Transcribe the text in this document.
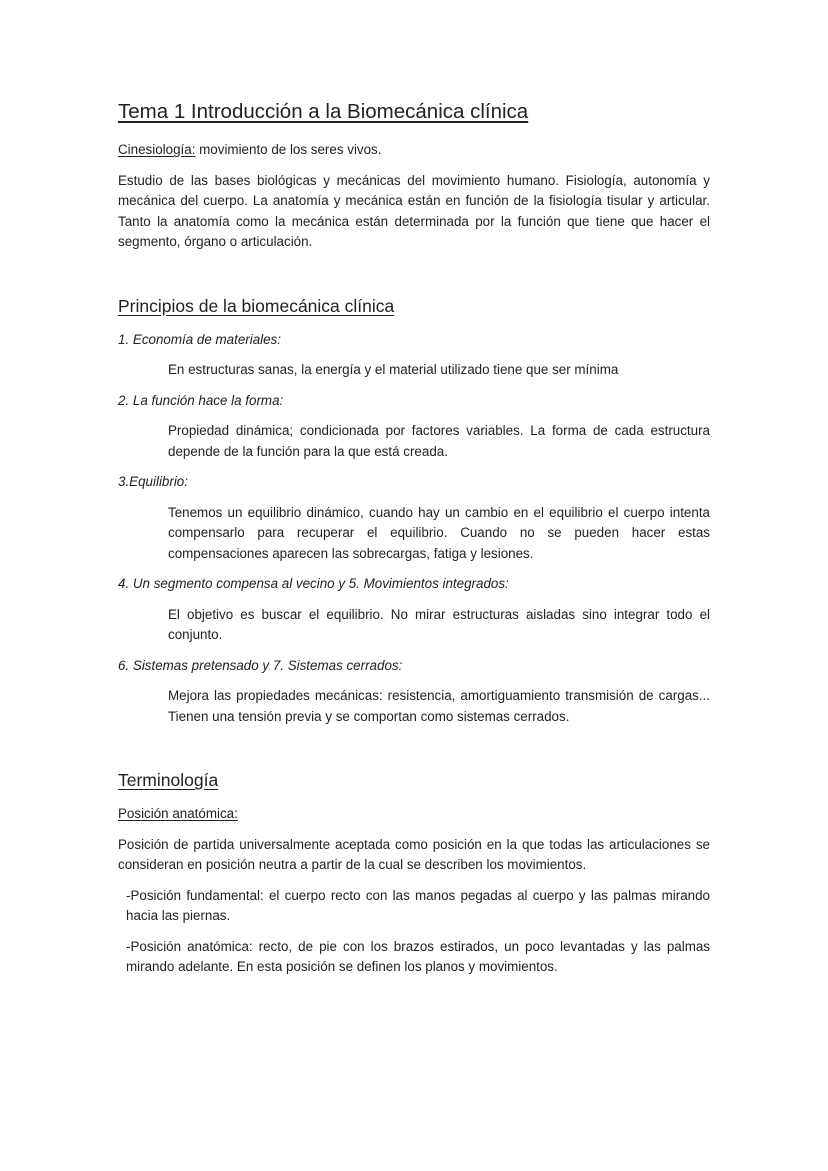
Tema 1 Introducción a la Biomecánica clínica

Cinesiología: movimiento de los seres vivos.

Estudio de las bases biológicas y mecánicas del movimiento humano. Fisiología, autonomía y mecánica del cuerpo. La anatomía y mecánica están en función de la fisiología tisular y articular. Tanto la anatomía como la mecánica están determinada por la función que tiene que hacer el segmento, órgano o articulación.

Principios de la biomecánica clínica
1. Economía de materiales:
En estructuras sanas, la energía y el material utilizado tiene que ser mínima
2. La función hace la forma:
Propiedad dinámica; condicionada por factores variables. La forma de cada estructura depende de la función para la que está creada.
3.Equilibrio:
Tenemos un equilibrio dinámico, cuando hay un cambio en el equilibrio el cuerpo intenta compensarlo para recuperar el equilibrio. Cuando no se pueden hacer estas compensaciones aparecen las sobrecargas, fatiga y lesiones.
4. Un segmento compensa al vecino y 5. Movimientos integrados:
El objetivo es buscar el equilibrio. No mirar estructuras aisladas sino integrar todo el conjunto.
6. Sistemas pretensado y 7. Sistemas cerrados:
Mejora las propiedades mecánicas: resistencia, amortiguamiento transmisión de cargas... Tienen una tensión previa y se comportan como sistemas cerrados.
Terminología

Posición anatómica:

Posición de partida universalmente aceptada como posición en la que todas las articulaciones se consideran en posición neutra a partir de la cual se describen los movimientos.

-Posición fundamental: el cuerpo recto con las manos pegadas al cuerpo y las palmas mirando hacia las piernas.

-Posición anatómica: recto, de pie con los brazos estirados, un poco levantadas y las palmas mirando adelante. En esta posición se definen los planos y movimientos.
